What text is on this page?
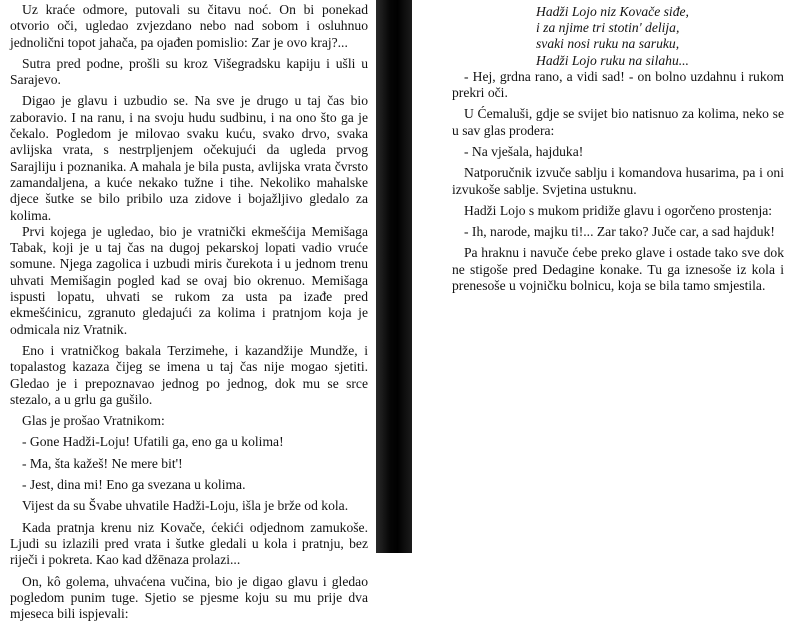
Uz kraće odmore, putovali su čitavu noć. On bi ponekad otvorio oči, ugledao zvjezdano nebo nad sobom i osluhnuo jednolični topot jahača, pa ojađen pomislio: Zar je ovo kraj?...

Sutra pred podne, prošli su kroz Višegradsku kapiju i ušli u Sarajevo.

Digao je glavu i uzbudio se. Na sve je drugo u taj čas bio zaboravio. I na ranu, i na svoju hudu sudbinu, i na ono što ga je čekalo. Pogledom je milovao svaku kuću, svako drvo, svaka avlijska vrata, s nestrpljenjem očekujući da ugleda prvog Sarajliju i poznanika. A mahala je bila pusta, avlijska vrata čvrsto zamandaljena, a kuće nekako tužne i tihe. Nekoliko mahalske djece šutke se bilo pribilo uza zidove i bojažljivo gledalo za kolima.

Prvi kojega je ugledao, bio je vratnički ekmešćija Memišaga Tabak, koji je u taj čas na dugoj pekarskoj lopati vadio vruće somune. Njega zagolica i uzbudi miris čurekota i u jednom trenu uhvati Memišagin pogled kad se ovaj bio okrenuo. Memišaga ispusti lopatu, uhvati se rukom za usta pa izađe pred ekmešćinicu, zgranuto gledajući za kolima i pratnjom koja je odmicala niz Vratnik.

Eno i vratničkog bakala Terzimehe, i kazandžije Mundže, i topalastog kazaza čijeg se imena u taj čas nije mogao sjetiti. Gledao je i prepoznavao jednog po jednog, dok mu se srce stezalo, a u grlu ga gušilo.

Glas je prošao Vratnikom:

- Gone Hadži-Loju! Ufatili ga, eno ga u kolima!

- Ma, šta kažeš! Ne mere bit'!

- Jest, dina mi! Eno ga svezana u kolima.

Vijest da su Švabe uhvatile Hadži-Loju, išla je brže od kola.

Kada pratnja krenu niz Kovače, ćekići odjednom zamukoše. Ljudi su izlazili pred vrata i šutke gledali u kola i pratnju, bez riječi i pokreta. Kao kad džēnaza prolazi...

On, kô golema, uhvaćena vučina, bio je digao glavu i gledao pogledom punim tuge. Sjetio se pjesme koju su mu prije dva mjeseca bili ispjevali:

Hadži Lojo niz Kovače siđe,
i za njime tri stotin' delija,
svaki nosi ruku na saruku,
Hadži Lojo ruku na silahu...

- Hej, grdna rano, a vidi sad! - on bolno uzdahnu i rukom prekri oči.

U Ćemaluši, gdje se svijet bio natisnuo za kolima, neko se u sav glas prodera:

- Na vješala, hajduka!

Natporučnik izvuče sablju i komandova husarima, pa i oni izvukoše sablje. Svjetina ustuknu.

Hadži Lojo s mukom pridiže glavu i ogorčeno prostenja:

- Ih, narode, majku ti!... Zar tako? Juče car, a sad hajduk!

Pa hraknu i navuče ćebe preko glave i ostade tako sve dok ne stigoše pred Dedagine konake. Tu ga iznesoše iz kola i prenesoše u vojničku bolnicu, koja se bila tamo smjestila.
